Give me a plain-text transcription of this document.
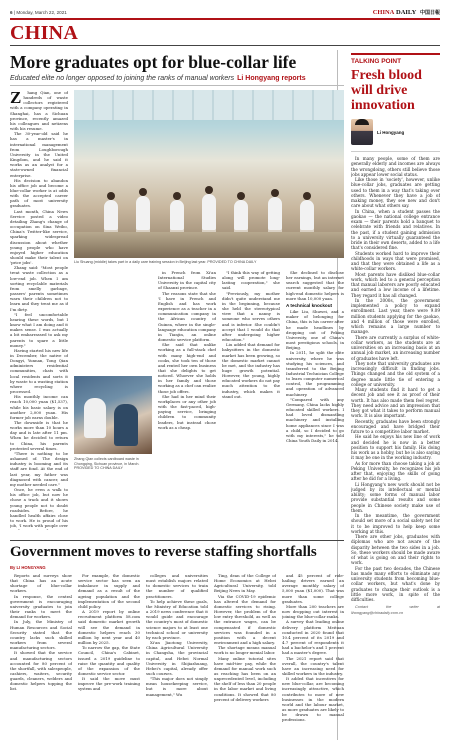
6 | Monday, March 22, 2021	CHINA DAILY 中国日報
CHINA
More graduates opt for blue-collar life
Educated elite no longer opposed to joining the ranks of manual workers Li Hongyang reports
Z	hang Qian, one of hundreds of waste collectors registered with a company operating in Shanghai, has a Sichuan province, recently amazed his colleagues and netizens with his resume.

The 30-year-old said he has a master's in international management from Loughborough University in the United Kingdom, and he said it works as an analyst for a state-owned financial enterprise.

His decision to abandon his office job and become a blue-collar worker is at odds with the accepted career path of most university graduates.

Last month, China News Service posted a video detailing Zhang's change of occupation on Sina Weibo, China's Twitter-like service, sparking widespread discussion about whether young people who have enjoyed higher education should make their talent on 'price jobs'.

Zhang said: "Most people treat waste collection as a low-end job. When I am sorting recyclable materials from smelly garbage, passers' parents sometimes warn their children not to learn and they treat me as if I'm dirty.

"I feel uncomfortable hearing these words, but I know what I am doing and it makes sense. I was actually a bit embarrassed to ask my parents to spare a little money."

Having started his new life in December, the native of Dongyi, Yunnan, Tong Qian administers residential communities, chats with local residents and sorts it by waste to a wasting station where recycling is processed.

His monthly income can reach 10,000 yuan ($1,537), while his basic salary is on another 2,000 yuan. His former job earns double.

The downside is that he works more than 10 hours a day and is late after 11 pm. When he decided to return to China, his parents protested several times.

"There is nothing to be ashamed of. The design industry is booming and its staff are fond. At the end of last year, my father was diagnosed with cancer, and my mother needed care."

Once, he even a walk to his office job, but now he chose a track and it shows young people not to doubt roadsides. Before, he handled health affairs close to work. He is proud of his job, 'I work with people over

Liu Shuang (middle) takes part in a daily care training session in Beijing last year. PROVIDED TO CHINA DAILY
Zhang Qian collects cardboard waste in Chongqing, Sichuan province, in March. PROVIDED TO CHINA DAILY

in French from Xi'an International Studies University in the capital city of Shaanxi province.

The reasons state that she 'I have in French and English and has work experience as a teacher in a communication company in the African country of Guinea, where in the single-language education company in Tianjin, an online domestic service platform.

She said that unlike working as a full-stack chef with many high-end and cooks, she took ten of those and rented her own business that she delights to get noticed. Whoever she holds in her family and those working as a chef can realize those job offers.

She had in her mind their workplaces or any other job with the fast-paced, high-paying service, bringing children to community leaders, but instead chose work as a cheap.

"I think this way of getting along will promote long-lasting cooperation," she said.

"Previously, my mother didn't quite understand me in the beginning, because she held the stereotypical view that a nanny is someone who serves others and is inferior. She couldn't accept that I would do that after undergoing higher education."

Liu added that demand for babysitters in the domestic market has been growing, so the domestic market cannot be met, and the industry has huge growth potential. However, the young, highly educated workers do not pay much attention to the industry, which makes it stand out.

She declined to disclose her earnings, but an internet search suggested that the current monthly salary for high-end domestic helpers is more than 10,000 yuan.

A technical knockout

Like Liu, Shuwei, and a maker of belonging for China, this is his career after he made headlines by dropping out of Peking University, one of China's most prestigious schools, in Beijing.

In 2011, he split the elite university, where he was studying his sciences, and transferred to the Beijing Industrial Technician College to learn computer numerical control, the programming and operation of advanced machinery.

"Compared with any Germany, China lacks highly educated skilled workers. I had loved dismantling machinery and installing home appliances since I was a child, so I decided to go with my interests," he told China Youth Daily in 2014.

Government moves to reverse staffing shortfalls
By LI HONGYANG

Reports and surveys show that China has an acute shortage of blue-collar workers.

In response, the central government is encouraging university graduates to join their ranks to meet the demand for workers.

In July, the Ministry of Human Resources and Social Security stated that the country lacks such skilled workers from several manufacturing sectors.

It showed that the service and manufacturing sectors accounted for 80 percent of the shortfall, with salespeople, cashiers, waiters, security guards, cleaners, welders and domestic helpers topping the list.

For example, the domestic service sector has seen an imbalance in supply and demand as a result of the ageing population and the implementation of the second child policy.

A 2019 report by online recruitment platform 58.com said domestic market growth will see the demand in domestic helpers reach 30 million by next year and 40 million by 2025.

To narrow the gap, the State Council, China's Cabinet, issued a 2019 guideline to raise the quantity and quality of the expansion of the domestic service sector.

It said the move must improve the pre-work training system and

colleges and universities must establish majors related to domestic services to train the number of qualified practitioners.

To help achieve these goals, the Ministry of Education told a 2019 news conference that it would guide and encourage the country's most of domestic science majors to at least one technical school or university by each province.

Xi'an Jiaotong University, China Agricultural University in Changsha, the provincial capital, and Hebei Normal University in Shijiazhuang, Hebei's capital, already offer such courses.

"This major does not simply mean housekeeping service, but is more about management," Wu

Ting, dean of the College of Home Economics at Hebei Agricultural University, told Beijing News in May.

Via the COVID-19 epidemic has altered the demand for domestic services to rising. However, the problem of the low entry threshold, as well as the entrance wages, can be compensated if domestic services was founded in a position with a decent environment and a high salary.

The shortage means manual work is no longer menial labor.

Many online tutorial sites have mid-tier pay, while the demand for manual work such as reaching has been on an unprecedented level, including the shelf of less than 20 people in the labor market and living conditions. It showed that 80 percent of delivery workers

and 45 percent of ride-hailing drivers earned an average monthly salary of 5,000 yuan ($1,000). That was more than some college graduates.

More than 200 teachers are now dropping out interest in joining the blue-collar ranks.

A survey that leading online delivery platform Meituan conducted in 2020 found that 10.4 percent of its 2019 and 4.7 percent of respondents it had a bachelor's and 1 percent had a master's degree.

The 2021 report said that overall, the country's talent have an increasing need for skilled workers in the industry.

It added that incentives for new blue-collar, are becoming increasingly attractive, which contributes to more of new businesses in the modern world and the labour market, as more graduates are likely to be drawn to manual professions.

TALKING POINT
Fresh blood will drive innovation
Li Hongyang

In many people, some of them are generally elderly and incomes are always the wrongdoing, others still believe those jobs appear lower social status.

Like those in 'society', however, unlike blue-collar jobs, graduates are getting used to them in a way that's taking over others. Whenever they have a job of making money, they see new and don't care about what others say.

In China, when a student passes the gaokao — the national college entrance exam — their parents hold a banquet to celebrate with friends and relatives. In the past, if a student gaining admission to a university virtually guaranteed the bride in their own deserts, added to a life that's considered fine.

Students worked hard to improve their childhoods in ways that were promised, and that they were obtained a life as a white-collar workers.

Most parents have disliked blue-collar work, which led to a general perception that manual laborers are poorly educated and earned a low income of a lifetime. They regard it has all changed.

In the 2000s, the government implemented a policy to expand enrollment. Last year, there were 9.09 million students applying for the gaokao, and 4 million of those were enrolled, which remains a large number to manage.

There are currently a surplus of white-collar workers, as the students are at universities on an increasing basis at an annual job market, an increasing number of graduates have left.

They note that university graduates are increasingly difficult in finding jobs. Things changed and the old system of a degree made little tie of entering a college or university.

Many students find it hard to get a decent job and see it as proof of their worth. It has also made them feel regret. They need advice and an impression that they got what it takes to perform manual work. It is also important.

Recently, graduates have been strongly encouraged and have bridged their future to a competitive labor market.

He said he enjoys his new line of work and decided he is now in a better position to support his family. His doing his work as a hobby, but he is also saying it may be one in the working industry.

As for more than choose taking a job at Peking University, he recognizes his job after that, enjoying the skills of going after he did for a living.

Li Hongyang's new work should not be judged by its intellectual or mental ability; some forms of manual labor provide substantial results and some people in Chinese society make use of them.

In the meantime, the government should set more of a social safety net for it to be improved to help keep some working at this.

There are other jobs, graduates with diplomas who are not aware of the disparity between the two sides in a job. So, these workers should be made aware of what is going on and their rights to work.

For the past two decades, the Chinese has made many efforts to eliminate any university students from becoming blue-collar workers, but what's done by graduates to change their outlook is a little more work, in spite of the difficulties.

Contact the writer at lihongyang@chinadaily.com.cn
